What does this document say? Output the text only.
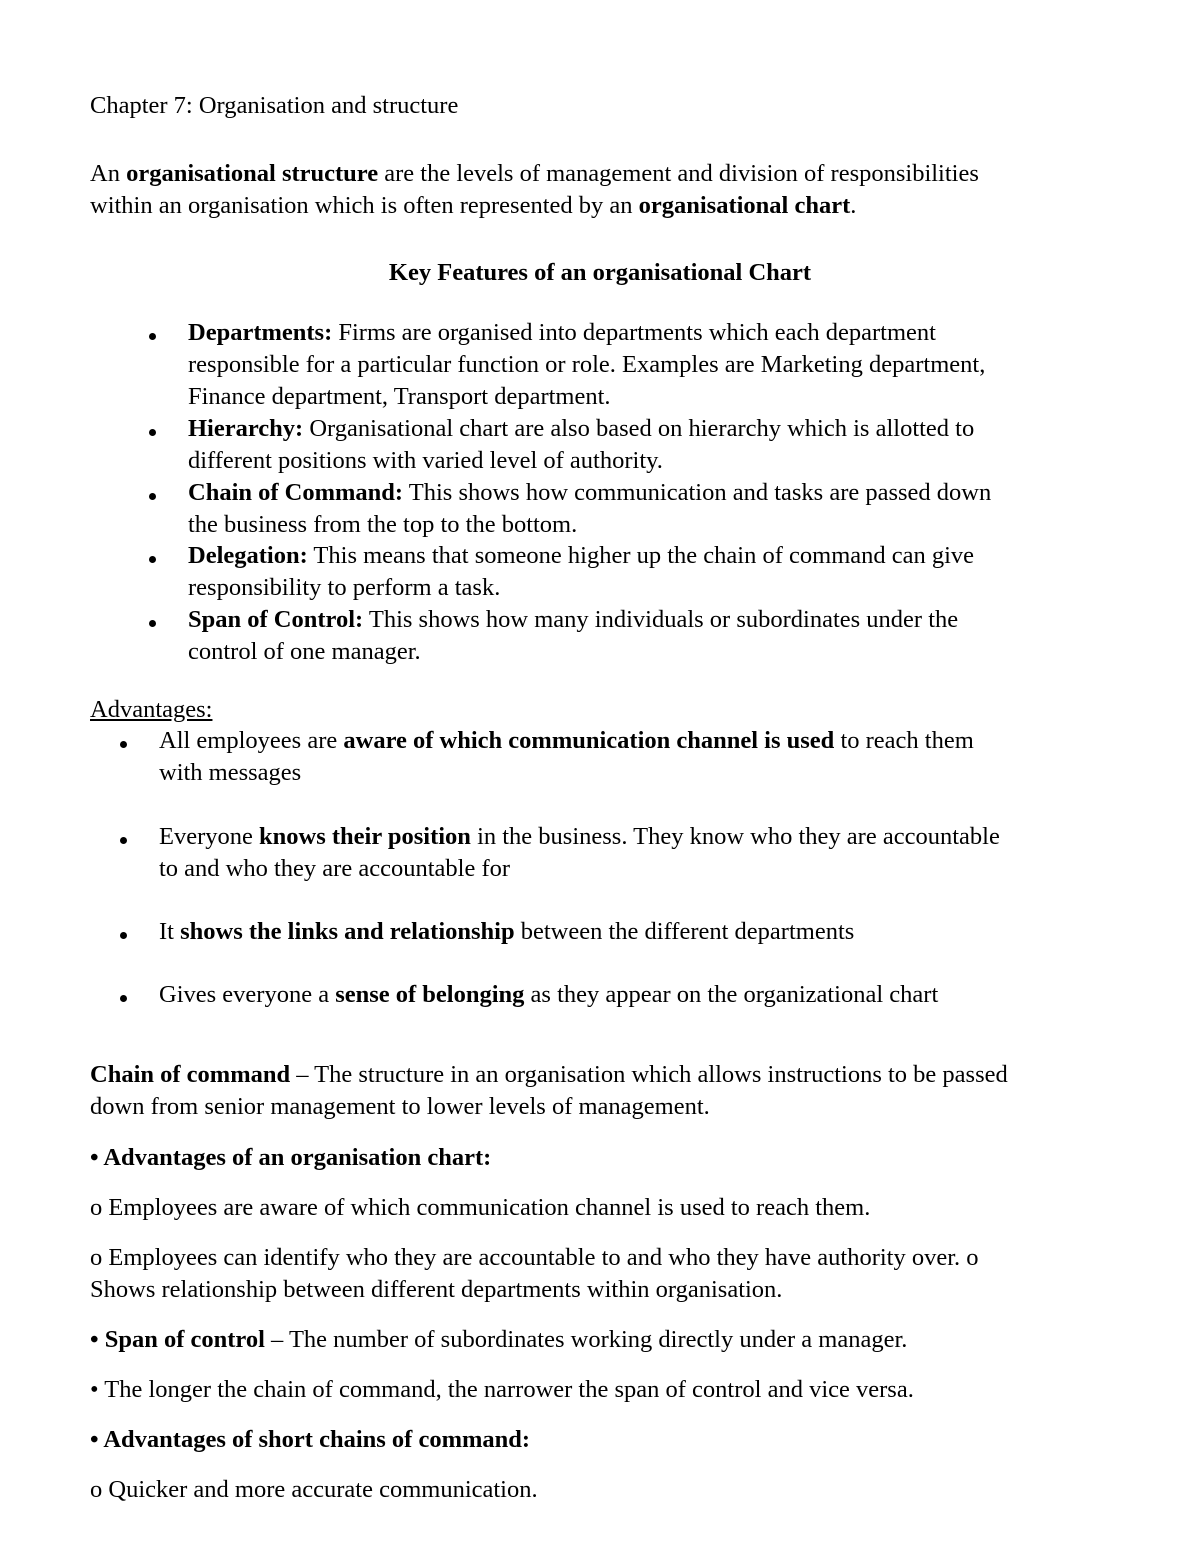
Chapter 7: Organisation and structure

An organisational structure are the levels of management and division of responsibilities

within an organisation which is often represented by an organisational chart.

Key Features of an organisational Chart

Departments: Firms are organised into departments which each department

responsible for a particular function or role. Examples are Marketing department,

Finance department, Transport department.

Hierarchy: Organisational chart are also based on hierarchy which is allotted to

different positions with varied level of authority.

Chain of Command: This shows how communication and tasks are passed down

the business from the top to the bottom.

Delegation: This means that someone higher up the chain of command can give

responsibility to perform a task.

Span of Control: This shows how many individuals or subordinates under the

control of one manager.

Advantages:

All employees are aware of which communication channel is used to reach them

with messages

Everyone knows their position in the business. They know who they are accountable

to and who they are accountable for

It shows the links and relationship between the different departments

Gives everyone a sense of belonging as they appear on the organizational chart

Chain of command – The structure in an organisation which allows instructions to be passed

down from senior management to lower levels of management.

• Advantages of an organisation chart:

o Employees are aware of which communication channel is used to reach them.

o Employees can identify who they are accountable to and who they have authority over. o

Shows relationship between different departments within organisation.

• Span of control – The number of subordinates working directly under a manager.

• The longer the chain of command, the narrower the span of control and vice versa.

• Advantages of short chains of command:

o Quicker and more accurate communication.
